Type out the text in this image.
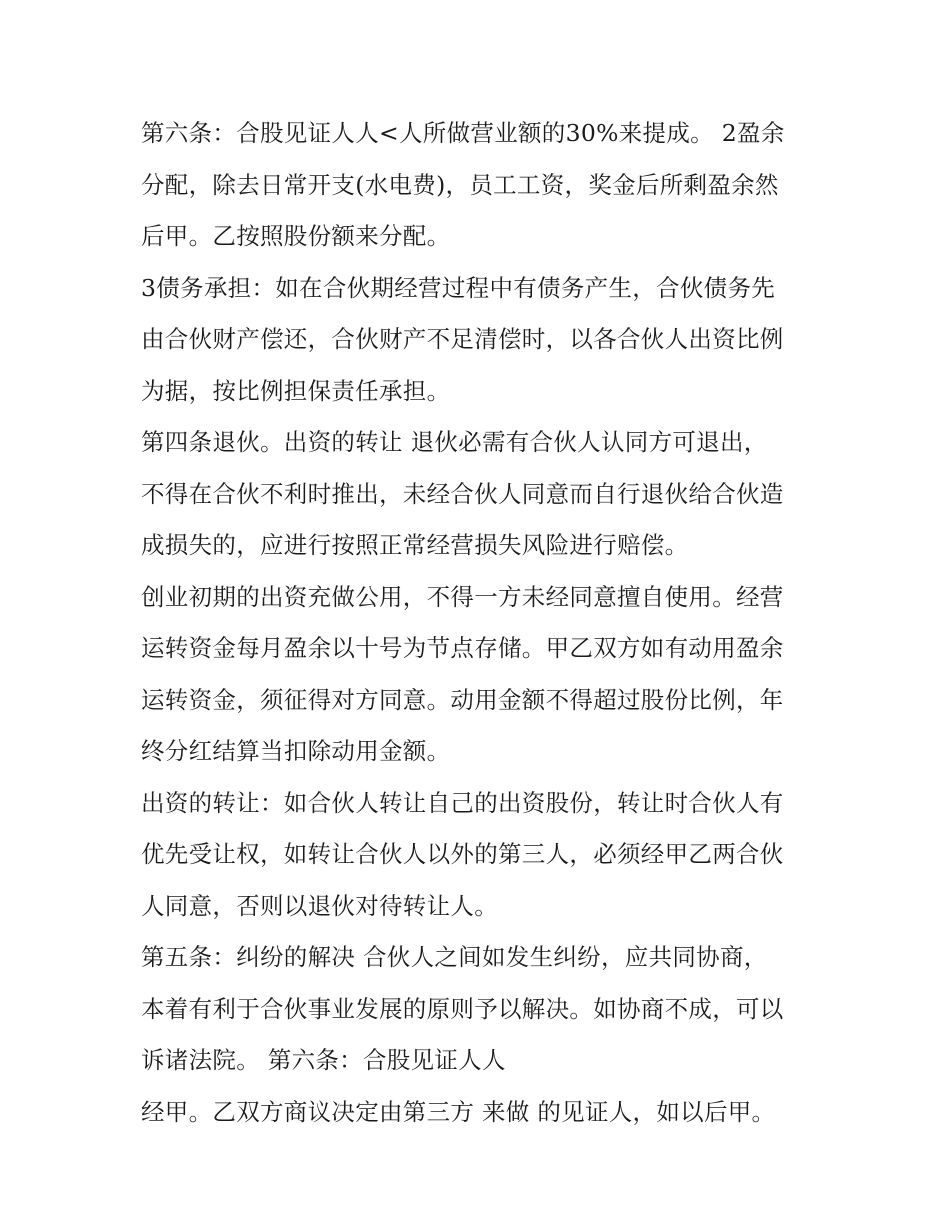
第六条：合股见证人人<人所做营业额的30%来提成。 2盈余
分配，除去日常开支(水电费)，员工工资，奖金后所剩盈余然
后甲。乙按照股份额来分配。
3债务承担：如在合伙期经营过程中有债务产生，合伙债务先
由合伙财产偿还，合伙财产不足清偿时，以各合伙人出资比例
为据，按比例担保责任承担。
第四条退伙。出资的转让 退伙必需有合伙人认同方可退出，
不得在合伙不利时推出，未经合伙人同意而自行退伙给合伙造
成损失的，应进行按照正常经营损失风险进行赔偿。
创业初期的出资充做公用，不得一方未经同意擅自使用。经营
运转资金每月盈余以十号为节点存储。甲乙双方如有动用盈余
运转资金，须征得对方同意。动用金额不得超过股份比例，年
终分红结算当扣除动用金额。
出资的转让：如合伙人转让自己的出资股份，转让时合伙人有
优先受让权，如转让合伙人以外的第三人，必须经甲乙两合伙
人同意，否则以退伙对待转让人。
第五条：纠纷的解决 合伙人之间如发生纠纷，应共同协商，
本着有利于合伙事业发展的原则予以解决。如协商不成，可以
诉诸法院。 第六条：合股见证人人
经甲。乙双方商议决定由第三方 来做 的见证人，如以后甲。
